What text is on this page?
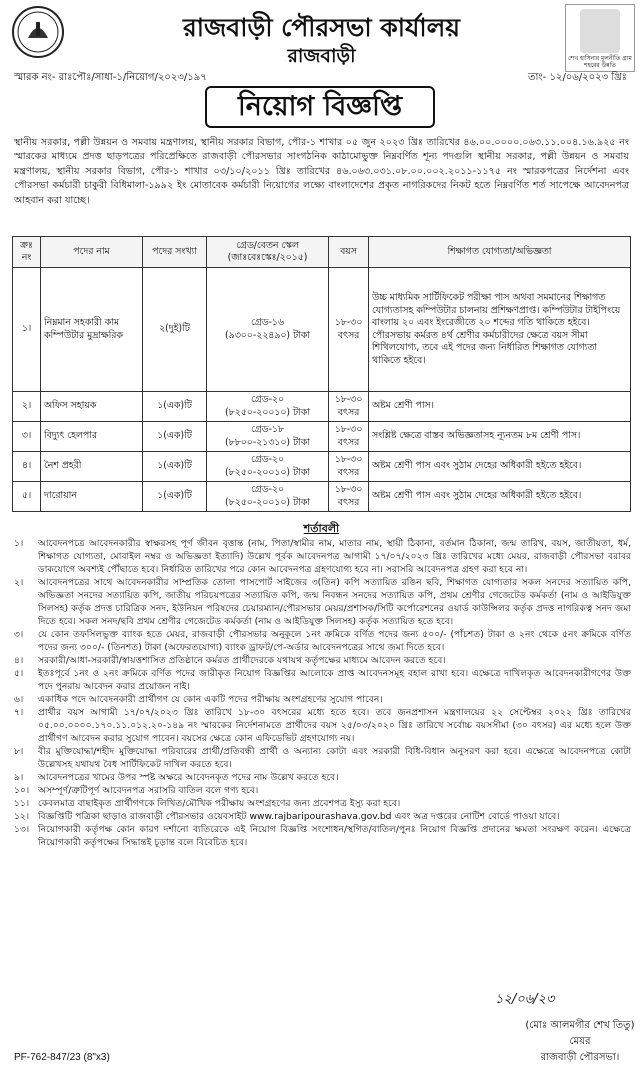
শেখ হাসিনার মূলনীতি গ্রাম শহরের উন্নতি
রাজবাড়ী পৌরসভা কার্যালয়
রাজবাড়ী
স্মারক নং- রাঃপৌঃ/সাধা-১/নিয়োগ/২০২৩/১৯৭	তাং- ১২/০৬/২০২৩ খ্রিঃ
নিয়োগ বিজ্ঞপ্তি
স্থানীয় সরকার, পল্লী উন্নয়ন ও সমবায় মন্ত্রণালয়, স্থানীয় সরকার বিভাগ, পৌর-১ শাখার ০৫ জুন ২০২৩ খ্রিঃ তারিখের ৪৬.০০.০০০০.০৬৩.১১.০০৪.১৬.৯২৫ নং স্মারকের মাধ্যমে প্রদত্ত ছাড়পত্রের পরিপ্রেক্ষিতে রাজবাড়ী পৌরসভার সাংগঠনিক কাঠামোভুক্ত নিম্নবর্ণিত শূন্য পদগুলি স্থানীয় সরকার, পল্লী উন্নয়ন ও সমবায় মন্ত্রণালয়, স্থানীয় সরকার বিভাগ, পৌর-১ শাখার ০৩/১০/২০১১ খ্রিঃ তারিখের ৪৬.০৬৩.০৩১.০৮.০০.০০২.২০১১-১১৭৫ নং স্মারকপত্রের নির্দেশনা এবং পৌরসভা কর্মচারী চাকুরী বিধিমালা-১৯৯২ ইং মোতাবেক কর্মচারী নিয়োগের লক্ষ্যে বাংলাদেশের প্রকৃত নাগরিকদের নিকট হতে নিম্নবর্ণিত শর্ত সাপেক্ষে আবেদনপত্র আহবান করা যাচ্ছে।
ক্রঃ নং	পদের নাম	পদের সংখ্যা	গ্রেড/বেতন স্কেল (জাঃবেঃস্কেঃ/২০১৫)	বয়স	শিক্ষাগত যোগ্যতা/অভিজ্ঞতা
১।	নিম্নমান সহকারী কাম কম্পিউটার মুদ্রাক্ষরিক	২(দুই)টি	গ্রেড-১৬
(৯৩০০-২২৪৯০) টাকা	১৮-৩০ বৎসর	উচ্চ মাধ্যমিক সার্টিফিকেট পরীক্ষা পাস অথবা সমমানের শিক্ষাগত যোগ্যতাসহ কম্পিউটার চালনায় প্রশিক্ষণপ্রাপ্ত। কম্পিউটার টাইপিংয়ে বাংলায় ২০ এবং ইংরেজীতে ২০ শব্দের গতি থাকিতে হইবে। পৌরসভায় কর্মরত ৪র্থ শ্রেণীর কর্মচারীদের ক্ষেত্রে বয়স সীমা শিথিলযোগ্য, তবে এই পদের জন্য নির্ধারিত শিক্ষাগত যোগ্যতা থাকিতে হইবে।
২।	অফিস সহায়ক	১(এক)টি	গ্রেড-২০
(৮২৫০-২০০১০) টাকা	১৮-৩০ বৎসর	অষ্টম শ্রেণী পাস।
৩।	বিদ্যুৎ হেলপার	১(এক)টি	গ্রেড-১৮
(৮৮০০-২১৩১০) টাকা	১৮-৩০ বৎসর	সংশ্লিষ্ট ক্ষেত্রে বাস্তব অভিজ্ঞতাসহ ন্যূনতম ৮ম শ্রেণী পাস।
৪।	নৈশ প্রহরী	১(এক)টি	গ্রেড-২০
(৮২৫০-২০০১০) টাকা	১৮-৩০ বৎসর	অষ্টম শ্রেণী পাস এবং সুঠাম দেহের অধিকারী হইতে হইবে।
৫।	দারোয়ান	১(এক)টি	গ্রেড-২০
(৮২৫০-২০০১০) টাকা	১৮-৩০ বৎসর	অষ্টম শ্রেণী পাস এবং সুঠাম দেহের অধিকারী হইতে হইবে।
শর্তাবলী
১।	আবেদনপত্রে আবেদনকারীর স্বাক্ষরসহ পূর্ণ জীবন বৃত্তান্ত (নাম, পিতা/স্বামীর নাম, মাতার নাম, স্থায়ী ঠিকানা, বর্তমান ঠিকানা, জন্ম তারিখ, বয়স, জাতীয়তা, ধর্ম, শিক্ষাগত যোগ্যতা, মোবাইল নম্বর ও অভিজ্ঞতা ইত্যাদি) উল্লেখ পূর্বক আবেদনপত্র আগামী ১৭/০৭/২০২৩ খ্রিঃ তারিখের মধ্যে মেয়র, রাজবাড়ী পৌরসভা বরাবর ডাকযোগে অবশ্যই পৌঁছাতে হবে। নির্ধারিত তারিখের পরে কোন আবেদনপত্র গ্রহণযোগ্য হবে না। সরাসরি আবেদনপত্র গ্রহণ করা হবে না।
২।	আবেদনপত্রের সাথে আবেদনকারীর সাম্প্রতিক তোলা পাসপোর্ট সাইজের ৩(তিন) কপি সত্যায়িত রঙিন ছবি, শিক্ষাগত যোগ্যতার সকল সনদের সত্যায়িত কপি, অভিজ্ঞতা সনদের সত্যায়িত কপি, জাতীয় পরিচয়পত্রের সত্যায়িত কপি, জন্ম নিবন্ধন সনদের সত্যায়িত কপি, প্রথম শ্রেণীর গেজেটেড কর্মকর্তা (নাম ও আইডিযুক্ত সিলসহ) কর্তৃক প্রদত্ত চারিত্রিক সনদ, ইউনিয়ন পরিষদের চেয়ারম্যান/পৌরসভার মেয়র/প্রশাসক/সিটি কর্পোরেশনের ওয়ার্ড কাউন্সিলর কর্তৃক প্রদত্ত নাগরিকত্ব সনদ জমা দিতে হবে। সকল সনদ/ছবি প্রথম শ্রেণীর গেজেটেড কর্মকর্তা (নাম ও আইডিযুক্ত সিলসহ) কর্তৃক সত্যায়িত হতে হবে।
৩।	যে কোন তফসিলভুক্ত ব্যাংক হতে মেয়র, রাজবাড়ী পৌরসভার অনুকূলে ১নং ক্রমিকে বর্ণিত পদের জন্য ৫০০/- (পাঁচশত) টাকা ও ২নং থেকে ৫নং ক্রমিকে বর্ণিত পদের জন্য ৩০০/- (তিনশত) টাকা (অফেরতযোগ্য) ব্যাংক ড্রাফট/পে-অর্ডার আবেদনপত্রের সাথে জমা দিতে হবে।
৪।	সরকারী/আধা-সরকারী/স্বায়ত্তশাসিত প্রতিষ্ঠানে কর্মরত প্রার্থীদেরকে যথাযথ কর্তৃপক্ষের মাধ্যমে আবেদন করতে হবে।
৫।	ইতঃপূর্বে ১নং ও ২নং ক্রমিকে বর্ণিত পদের জারীকৃত নিয়োগ বিজ্ঞপ্তির আলোকে প্রাপ্ত আবেদনসমূহ বহাল রাখা হবে। এক্ষেত্রে দাখিলকৃত আবেদনকারীগণের উক্ত পদে পুনরায় আবেদন করার প্রয়োজন নাই।
৬।	একাধিক পদে আবেদনকারী প্রার্থীগণ যে কোন একটি পদের পরীক্ষায় অংশগ্রহণের সুযোগ পাবেন।
৭।	প্রার্থীর বয়স আগামী ১৭/০৭/২০২৩ খ্রিঃ তারিখে ১৮-৩০ বৎসরের মধ্যে হতে হবে। তবে জনপ্রশাসন মন্ত্রণালয়ের ২২ সেপ্টেম্বর ২০২২ খ্রিঃ তারিখের ০৫.০০.০০০০.১৭০.১১.০১২.২০-১৪৯ নং স্মারকের নির্দেশনামতে প্রার্থীদের বয়স ২৫/০৩/২০২০ খ্রিঃ তারিখে সর্বোচ্চ বয়সসীমা (৩০ বৎসর) এর মধ্যে হলে উক্ত প্রার্থীগণ আবেদন করার সুযোগ পাবেন। বয়সের ক্ষেত্রে কোন এফিডেভিট গ্রহণযোগ্য নয়।
৮।	বীর মুক্তিযোদ্ধা/শহীদ মুক্তিযোদ্ধা পরিবারের প্রার্থী/প্রতিবন্ধী প্রার্থী ও অন্যান্য কোটা এবং সরকারী বিধি-বিধান অনুসরণ করা হবে। এক্ষেত্রে আবেদনপত্রে কোটা উল্লেখসহ যথাযথ বৈধ সার্টিফিকেট দাখিল করতে হবে।
৯।	আবেদনপত্রের খামের উপর স্পষ্ট অক্ষরে আবেদনকৃত পদের নাম উল্লেখ করতে হবে।
১০। অসম্পূর্ণ/ত্রুটিপূর্ণ আবেদনপত্র সরাসরি বাতিল বলে গণ্য হবে।
১১। কেবলমাত্র বাছাইকৃত প্রার্থীগণকে লিখিত/মৌখিক পরীক্ষায় অংশগ্রহণের জন্য প্রবেশপত্র ইস্যু করা হবে।
১২। বিজ্ঞপ্তিটি পত্রিকা ছাড়াও রাজবাড়ী পৌরসভার ওয়েবসাইট www.rajbaripourashava.gov.bd এবং অত্র দপ্তরের নোটিশ বোর্ডে পাওয়া যাবে।
১৩। নিয়োগকারী কর্তৃপক্ষ কোন কারণ দর্শানো ব্যতিরেকে এই নিয়োগ বিজ্ঞপ্তি সংশোধন/স্থগিত/বাতিল/পুনঃ নিয়োগ বিজ্ঞপ্তি প্রদানের ক্ষমতা সংরক্ষণ করেন। এক্ষেত্রে নিয়োগকারী কর্তৃপক্ষের সিদ্ধান্তই চূড়ান্ত বলে বিবেচিত হবে।
১২/০৬/২৩
(মোঃ আলমগীর শেখ তিতু)
মেয়র
রাজবাড়ী পৌরসভা।
PF-762-847/23 (8"x3)
